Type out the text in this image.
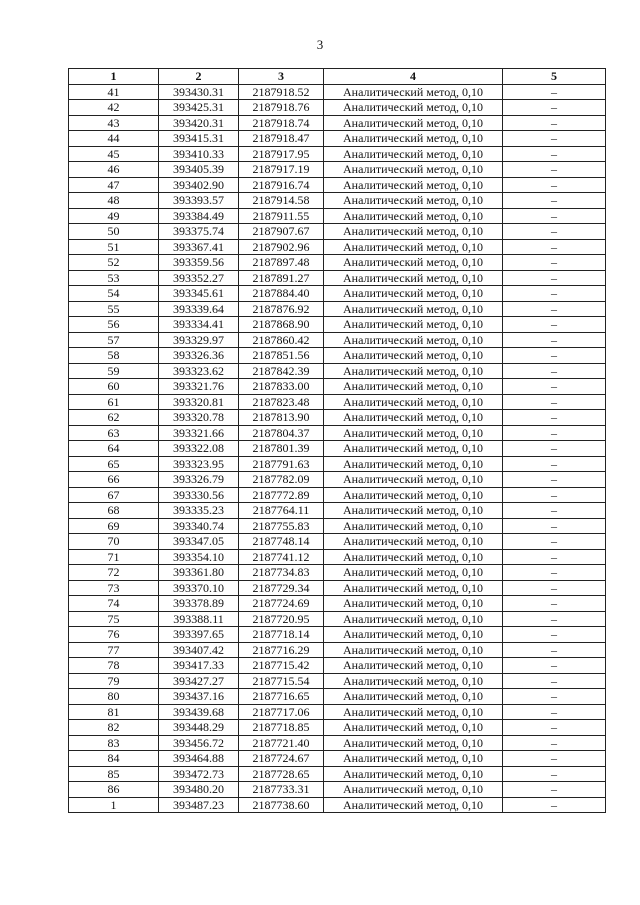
3
1	2	3	4	5
41	393430.31	2187918.52	Аналитический метод, 0,10	–
42	393425.31	2187918.76	Аналитический метод, 0,10	–
43	393420.31	2187918.74	Аналитический метод, 0,10	–
44	393415.31	2187918.47	Аналитический метод, 0,10	–
45	393410.33	2187917.95	Аналитический метод, 0,10	–
46	393405.39	2187917.19	Аналитический метод, 0,10	–
47	393402.90	2187916.74	Аналитический метод, 0,10	–
48	393393.57	2187914.58	Аналитический метод, 0,10	–
49	393384.49	2187911.55	Аналитический метод, 0,10	–
50	393375.74	2187907.67	Аналитический метод, 0,10	–
51	393367.41	2187902.96	Аналитический метод, 0,10	–
52	393359.56	2187897.48	Аналитический метод, 0,10	–
53	393352.27	2187891.27	Аналитический метод, 0,10	–
54	393345.61	2187884.40	Аналитический метод, 0,10	–
55	393339.64	2187876.92	Аналитический метод, 0,10	–
56	393334.41	2187868.90	Аналитический метод, 0,10	–
57	393329.97	2187860.42	Аналитический метод, 0,10	–
58	393326.36	2187851.56	Аналитический метод, 0,10	–
59	393323.62	2187842.39	Аналитический метод, 0,10	–
60	393321.76	2187833.00	Аналитический метод, 0,10	–
61	393320.81	2187823.48	Аналитический метод, 0,10	–
62	393320.78	2187813.90	Аналитический метод, 0,10	–
63	393321.66	2187804.37	Аналитический метод, 0,10	–
64	393322.08	2187801.39	Аналитический метод, 0,10	–
65	393323.95	2187791.63	Аналитический метод, 0,10	–
66	393326.79	2187782.09	Аналитический метод, 0,10	–
67	393330.56	2187772.89	Аналитический метод, 0,10	–
68	393335.23	2187764.11	Аналитический метод, 0,10	–
69	393340.74	2187755.83	Аналитический метод, 0,10	–
70	393347.05	2187748.14	Аналитический метод, 0,10	–
71	393354.10	2187741.12	Аналитический метод, 0,10	–
72	393361.80	2187734.83	Аналитический метод, 0,10	–
73	393370.10	2187729.34	Аналитический метод, 0,10	–
74	393378.89	2187724.69	Аналитический метод, 0,10	–
75	393388.11	2187720.95	Аналитический метод, 0,10	–
76	393397.65	2187718.14	Аналитический метод, 0,10	–
77	393407.42	2187716.29	Аналитический метод, 0,10	–
78	393417.33	2187715.42	Аналитический метод, 0,10	–
79	393427.27	2187715.54	Аналитический метод, 0,10	–
80	393437.16	2187716.65	Аналитический метод, 0,10	–
81	393439.68	2187717.06	Аналитический метод, 0,10	–
82	393448.29	2187718.85	Аналитический метод, 0,10	–
83	393456.72	2187721.40	Аналитический метод, 0,10	–
84	393464.88	2187724.67	Аналитический метод, 0,10	–
85	393472.73	2187728.65	Аналитический метод, 0,10	–
86	393480.20	2187733.31	Аналитический метод, 0,10	–
1	393487.23	2187738.60	Аналитический метод, 0,10	–
